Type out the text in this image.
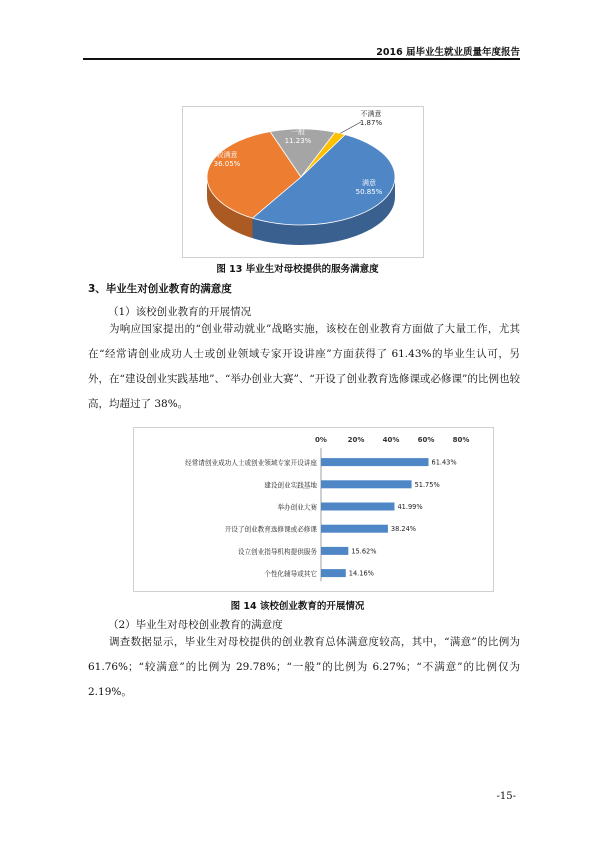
2016 届毕业生就业质量年度报告
满意
50.85%
较满意
36.05%
一般
11.23%
不满意
1.87%
图 13 毕业生对母校提供的服务满意度
3、毕业生对创业教育的满意度
（1）该校创业教育的开展情况

为响应国家提出的“创业带动就业”战略实施，该校在创业教育方面做了大量工作，尤其在“经常请创业成功人士或创业领域专家开设讲座”方面获得了 61.43%的毕业生认可，另外，在“建设创业实践基地”、“举办创业大赛”、“开设了创业教育选修课或必修课”的比例也较高，均超过了 38%。

0%	20%	40%	60%	80%
经常请创业成功人士或创业领域专家开设讲座	61.43%
建设创业实践基地	51.75%
举办创业大赛	41.99%
开设了创业教育选修课或必修课	38.24%
设立创业指导机构提供服务	15.62%
个性化辅导或其它	14.16%
图 14 该校创业教育的开展情况
（2）毕业生对母校创业教育的满意度

调查数据显示，毕业生对母校提供的创业教育总体满意度较高，其中，“满意”的比例为 61.76%；“较满意”的比例为 29.78%；“一般”的比例为 6.27%；“不满意”的比例仅为 2.19%。

-15-
